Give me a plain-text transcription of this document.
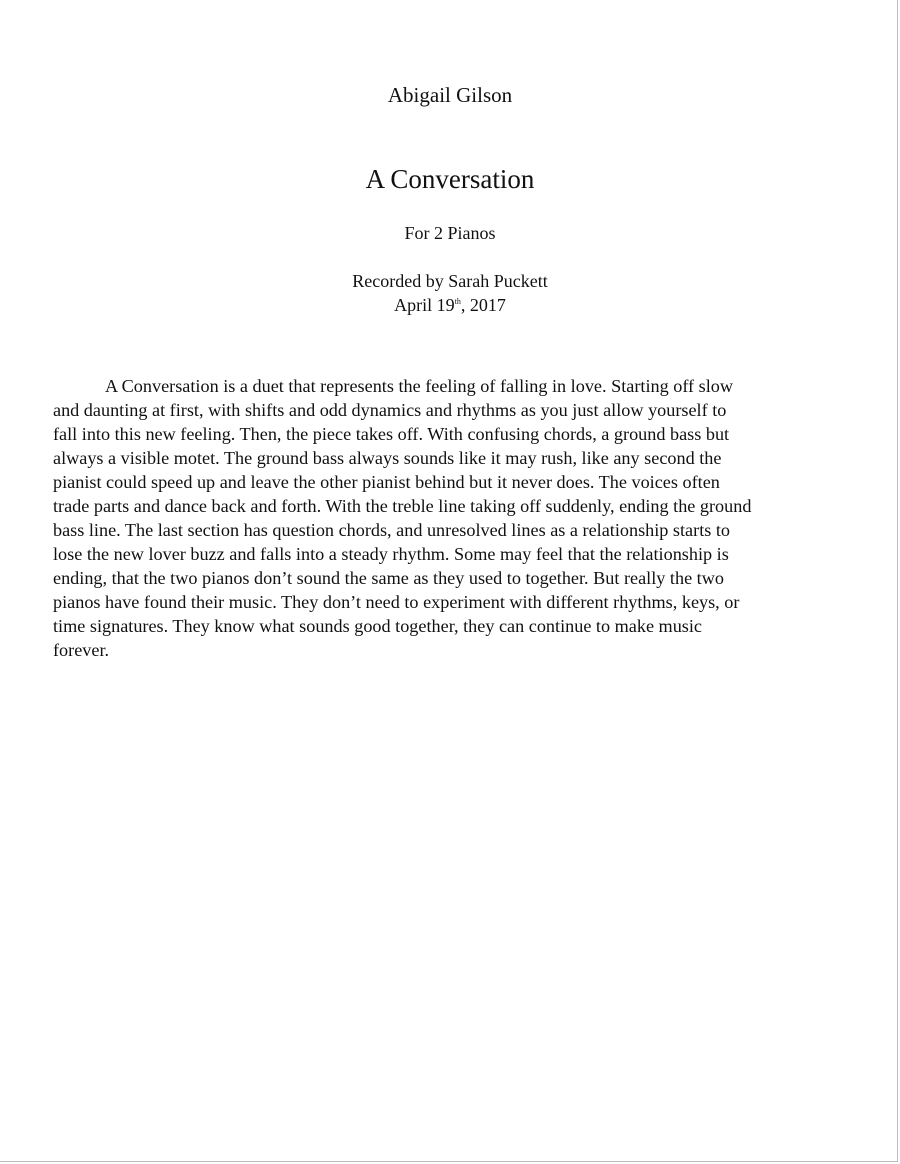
Abigail Gilson
A Conversation
For 2 Pianos
Recorded by Sarah Puckett
April 19th, 2017
A Conversation is a duet that represents the feeling of falling in love. Starting off slow
and daunting at first, with shifts and odd dynamics and rhythms as you just allow yourself to
fall into this new feeling. Then, the piece takes off. With confusing chords, a ground bass but
always a visible motet. The ground bass always sounds like it may rush, like any second the
pianist could speed up and leave the other pianist behind but it never does. The voices often
trade parts and dance back and forth. With the treble line taking off suddenly, ending the ground
bass line. The last section has question chords, and unresolved lines as a relationship starts to
lose the new lover buzz and falls into a steady rhythm. Some may feel that the relationship is
ending, that the two pianos don’t sound the same as they used to together. But really the two
pianos have found their music. They don’t need to experiment with different rhythms, keys, or
time signatures. They know what sounds good together, they can continue to make music
forever.
